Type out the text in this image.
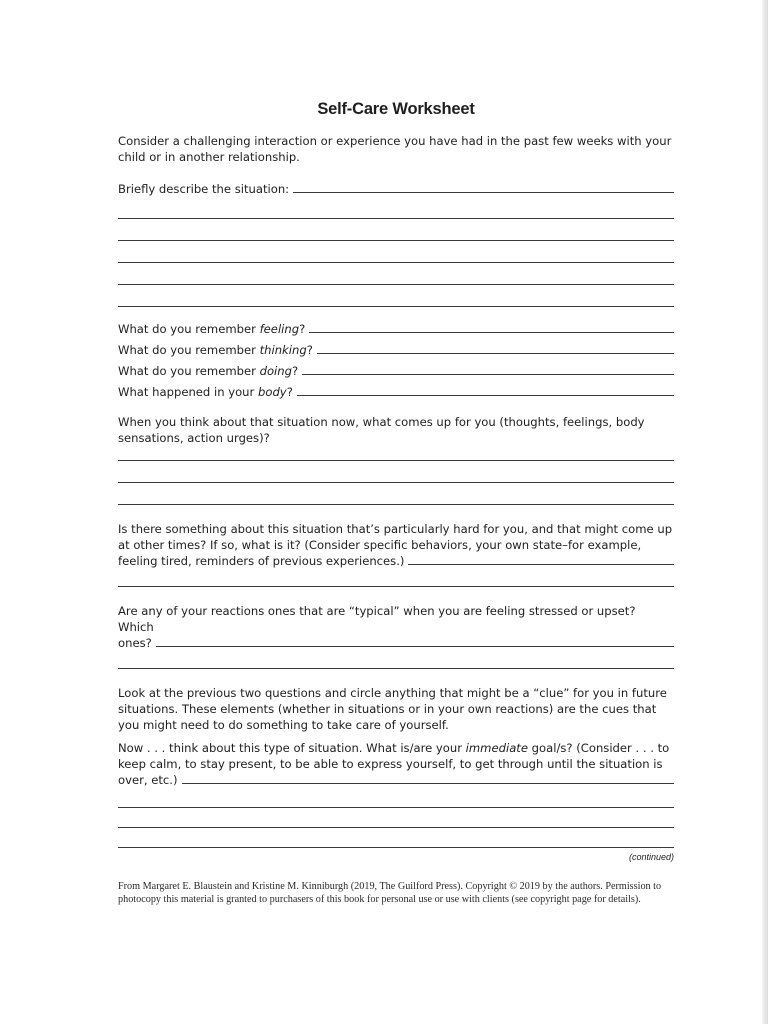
Self-Care Worksheet

Consider a challenging interaction or experience you have had in the past few weeks with your child or in another relationship.

Briefly describe the situation:
What do you remember feeling?
What do you remember thinking?
What do you remember doing?
What happened in your body?

When you think about that situation now, what comes up for you (thoughts, feelings, body sensations, action urges)?

Is there something about this situation that’s particularly hard for you, and that might come up at other times? If so, what is it? (Consider specific behaviors, your own state–for example,

feeling tired, reminders of previous experiences.)

Are any of your reactions ones that are “typical” when you are feeling stressed or upset? Which

ones?

Look at the previous two questions and circle anything that might be a “clue” for you in future situations. These elements (whether in situations or in your own reactions) are the cues that you might need to do something to take care of yourself.

Now . . . think about this type of situation. What is/are your immediate goal/s? (Consider . . . to keep calm, to stay present, to be able to express yourself, to get through until the situation is

over, etc.)
(continued)
From Margaret E. Blaustein and Kristine M. Kinniburgh (2019, The Guilford Press). Copyright © 2019 by the authors. Permission to photocopy this material is granted to purchasers of this book for personal use or use with clients (see copyright page for details).
